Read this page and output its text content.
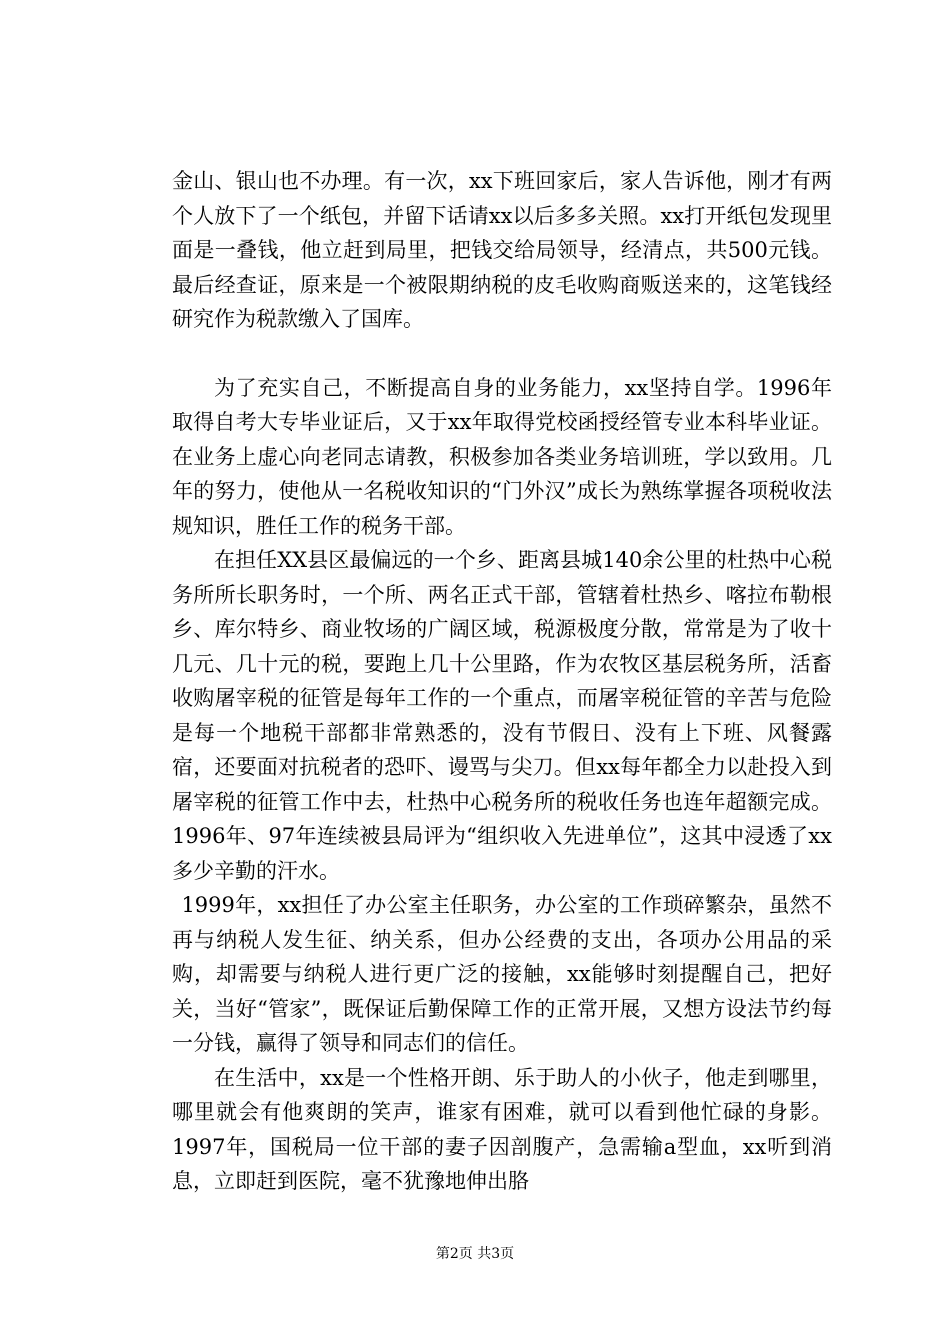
金山、银山也不办理。有一次，xx下班回家后，家人告诉他，刚才有两个人放下了一个纸包，并留下话请xx以后多多关照。xx打开纸包发现里面是一叠钱，他立赶到局里，把钱交给局领导，经清点，共500元钱。最后经查证，原来是一个被限期纳税的皮毛收购商贩送来的，这笔钱经研究作为税款缴入了国库。

为了充实自己，不断提高自身的业务能力，xx坚持自学。1996年取得自考大专毕业证后，又于xx年取得党校函授经管专业本科毕业证。在业务上虚心向老同志请教，积极参加各类业务培训班，学以致用。几年的努力，使他从一名税收知识的“门外汉”成长为熟练掌握各项税收法规知识，胜任工作的税务干部。

在担任XX县区最偏远的一个乡、距离县城140余公里的杜热中心税务所所长职务时，一个所、两名正式干部，管辖着杜热乡、喀拉布勒根乡、库尔特乡、商业牧场的广阔区域，税源极度分散，常常是为了收十几元、几十元的税，要跑上几十公里路，作为农牧区基层税务所，活畜收购屠宰税的征管是每年工作的一个重点，而屠宰税征管的辛苦与危险是每一个地税干部都非常熟悉的，没有节假日、没有上下班、风餐露宿，还要面对抗税者的恐吓、谩骂与尖刀。但xx每年都全力以赴投入到屠宰税的征管工作中去，杜热中心税务所的税收任务也连年超额完成。1996年、97年连续被县局评为“组织收入先进单位”，这其中浸透了xx多少辛勤的汗水。

1999年，xx担任了办公室主任职务，办公室的工作琐碎繁杂，虽然不再与纳税人发生征、纳关系，但办公经费的支出，各项办公用品的采购，却需要与纳税人进行更广泛的接触，xx能够时刻提醒自己，把好关，当好“管家”，既保证后勤保障工作的正常开展，又想方设法节约每一分钱，赢得了领导和同志们的信任。

在生活中，xx是一个性格开朗、乐于助人的小伙子，他走到哪里，哪里就会有他爽朗的笑声，谁家有困难，就可以看到他忙碌的身影。1997年，国税局一位干部的妻子因剖腹产，急需输a型血，xx听到消息，立即赶到医院，毫不犹豫地伸出胳

第2页 共3页
